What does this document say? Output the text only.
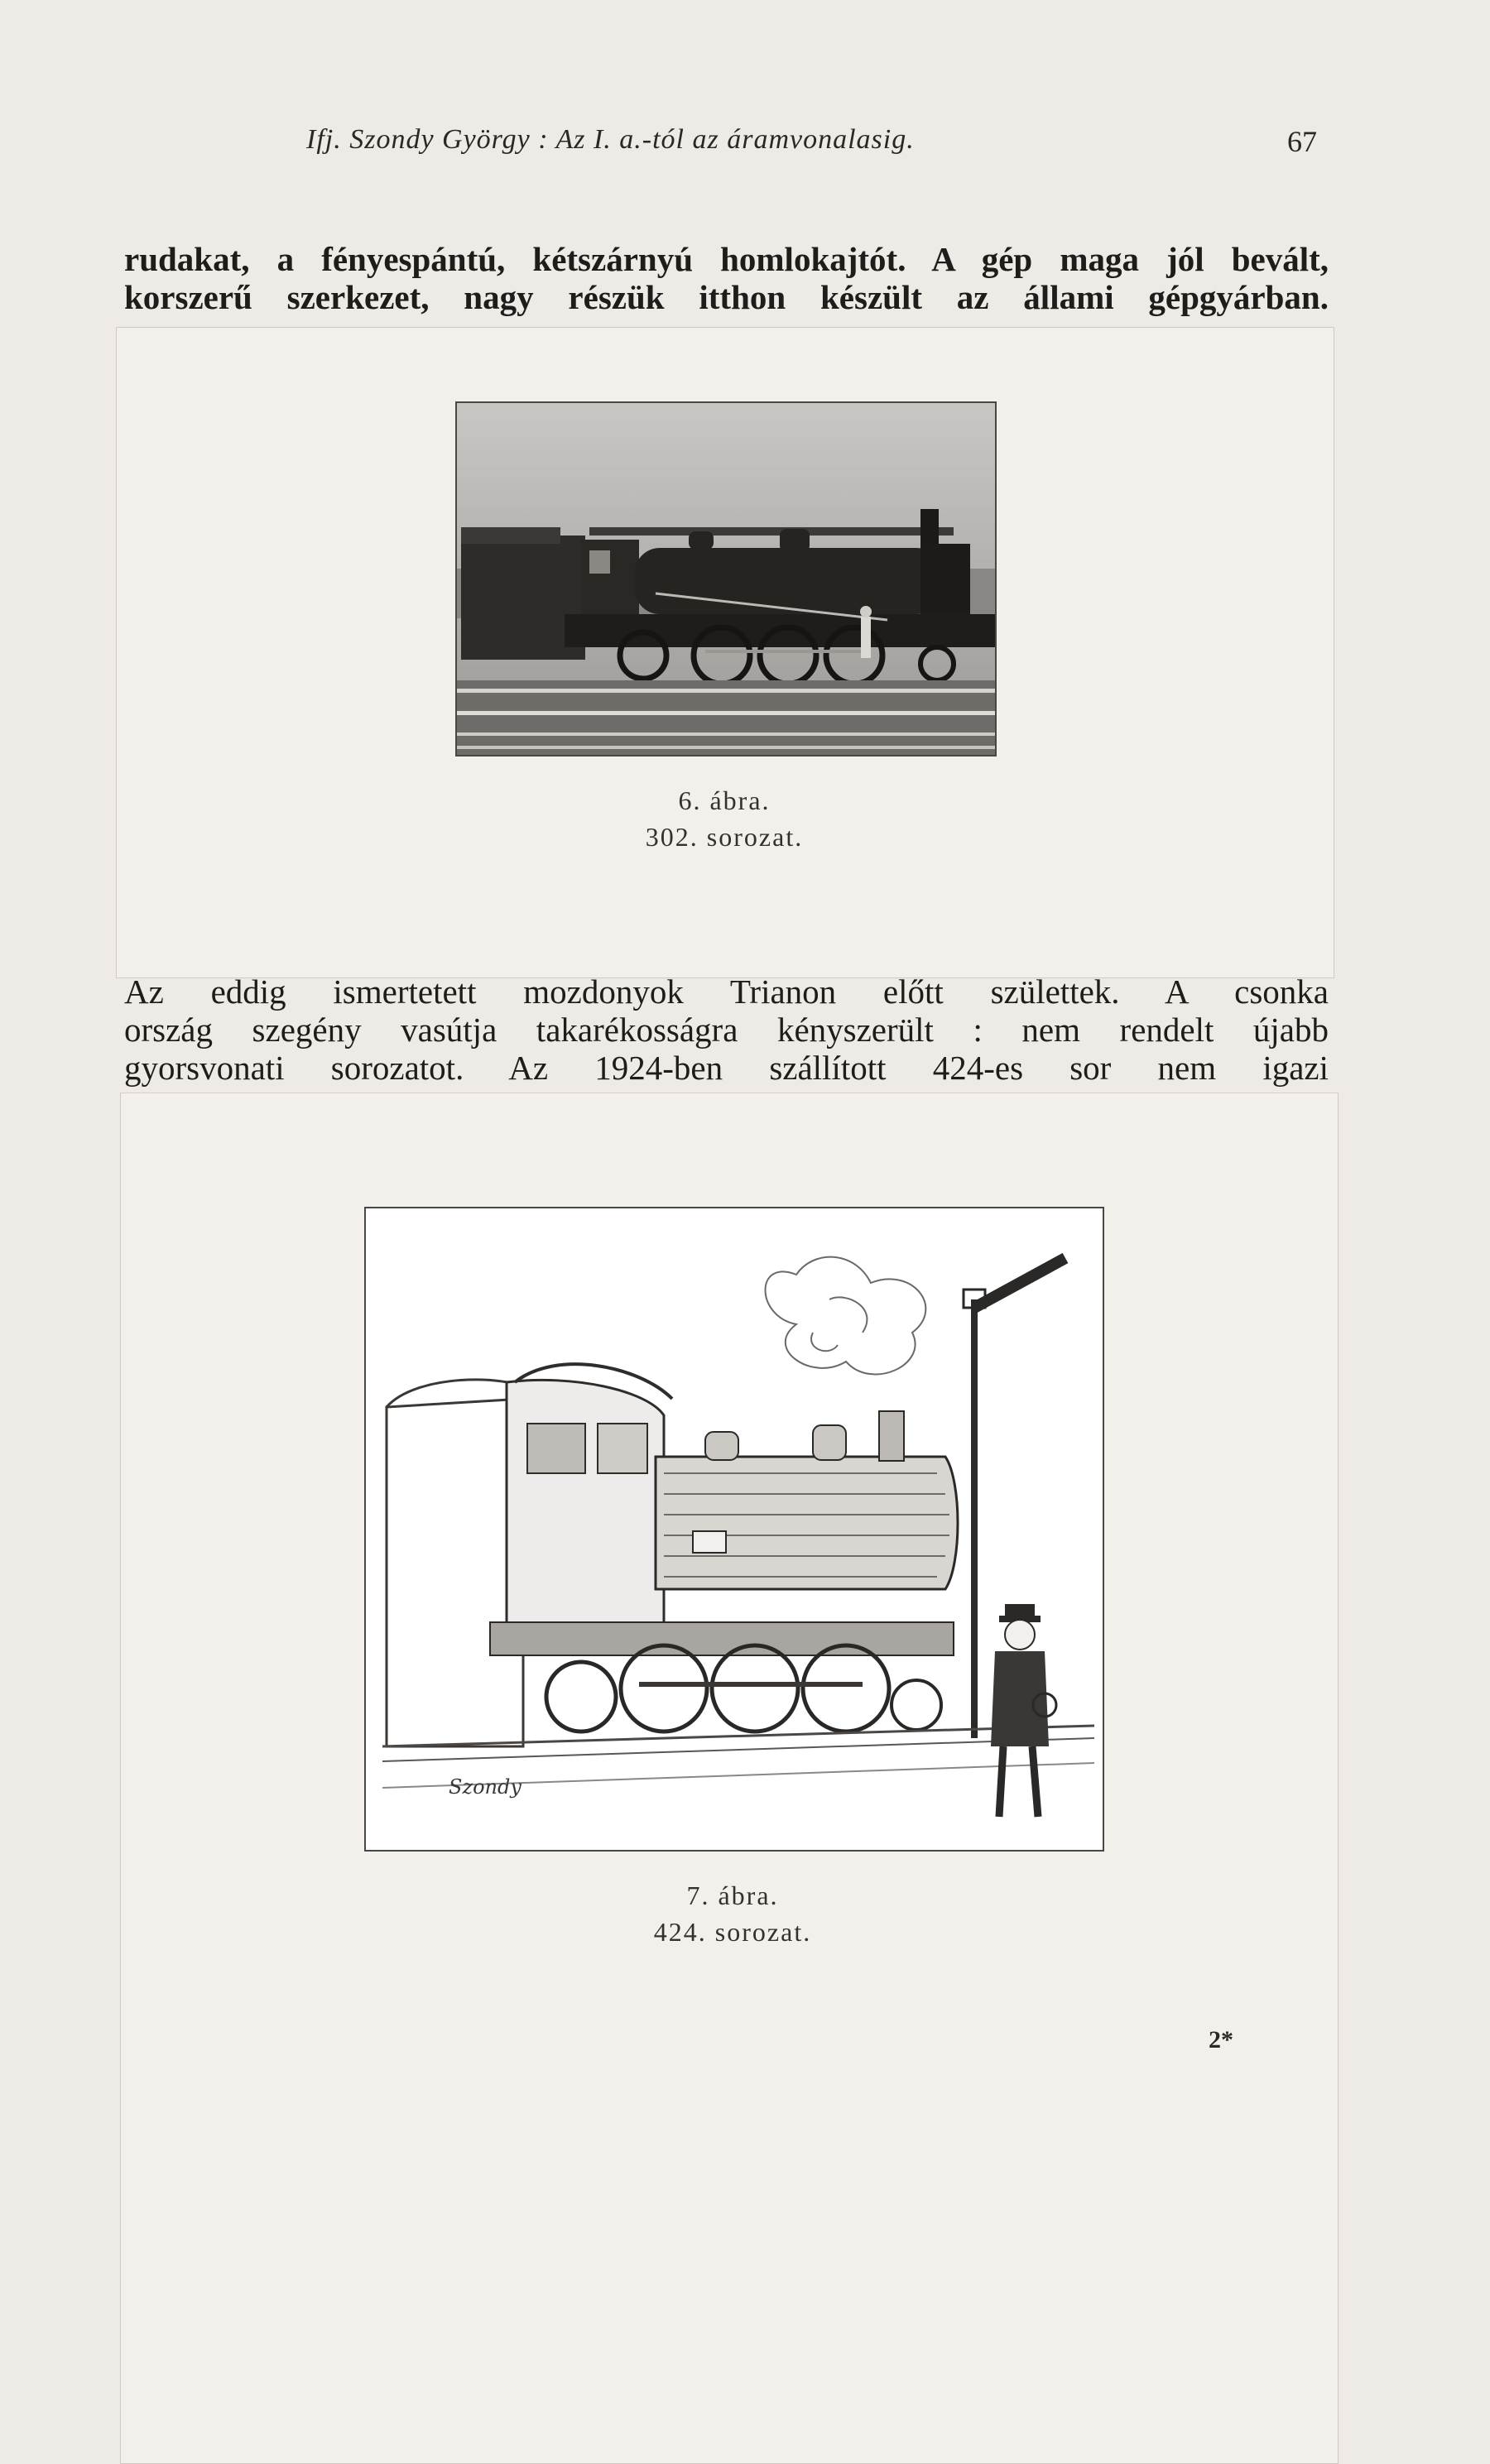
Ifj. Szondy György : Az I. a.-tól az áramvonalasig.	67
rudakat, a fényespántú, kétszárnyú homlokajtót. A gép maga jól bevált,
korszerű szerkezet, nagy részük itthon készült az állami gépgyárban.
6. ábra.
302. sorozat.
Az eddig ismertetett mozdonyok Trianon előtt születtek. A csonka
ország szegény vasútja takarékosságra kényszerült : nem rendelt újabb
gyorsvonati sorozatot. Az 1924-ben szállított 424-es sor nem igazi
Szondy
7. ábra.
424. sorozat.
2*
